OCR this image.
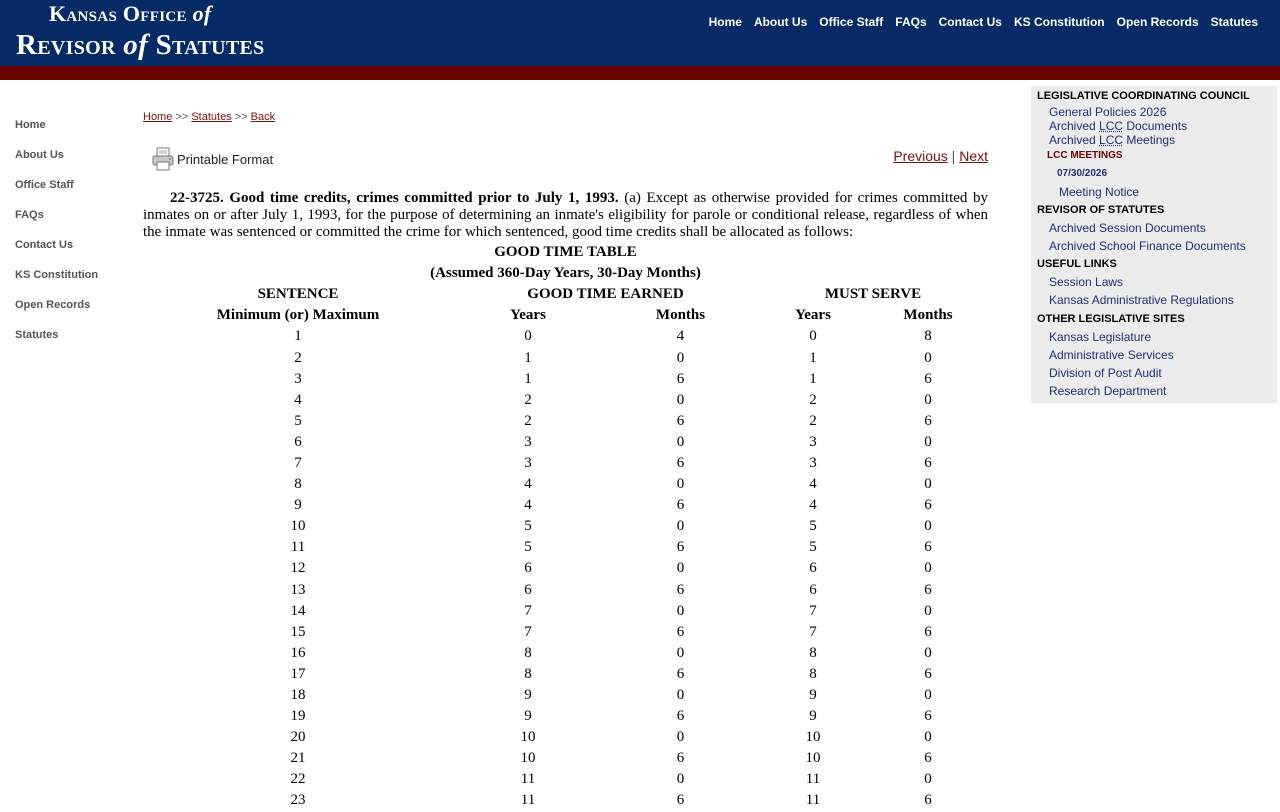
Kansas Office of
Revisor of Statutes
Home About Us Office Staff FAQs Contact Us KS Constitution Open Records Statutes
Home
About Us
Office Staff
FAQs
Contact Us
KS Constitution
Open Records
Statutes
Home >> Statutes >> Back
Printable Format	Previous | Next

22-3725. Good time credits, crimes committed prior to July 1, 1993. (a) Except as otherwise provided for crimes committed by inmates on or after July 1, 1993, for the purpose of determining an inmate's eligibility for parole or conditional release, regardless of when the inmate was sentenced or committed the crime for which sentenced, good time credits shall be allocated as follows:

GOOD TIME TABLE				
(Assumed 360-Day Years, 30-Day Months)				
SENTENCE	GOOD TIME EARNED		MUST SERVE	
Minimum (or) Maximum	Years	Months	Years	Months
1	0	4	0	8
2	1	0	1	0
3	1	6	1	6
4	2	0	2	0
5	2	6	2	6
6	3	0	3	0
7	3	6	3	6
8	4	0	4	0
9	4	6	4	6
10	5	0	5	0
11	5	6	5	6
12	6	0	6	0
13	6	6	6	6
14	7	0	7	0
15	7	6	7	6
16	8	0	8	0
17	8	6	8	6
18	9	0	9	0
19	9	6	9	6
20	10	0	10	0
21	10	6	10	6
22	11	0	11	0
23	11	6	11	6
LEGISLATIVE COORDINATING COUNCIL
General Policies 2026
Archived LCC Documents
Archived LCC Meetings
LCC MEETINGS
07/30/2026
Meeting Notice
REVISOR OF STATUTES
Archived Session Documents
Archived School Finance Documents
USEFUL LINKS
Session Laws
Kansas Administrative Regulations
OTHER LEGISLATIVE SITES
Kansas Legislature
Administrative Services
Division of Post Audit
Research Department
